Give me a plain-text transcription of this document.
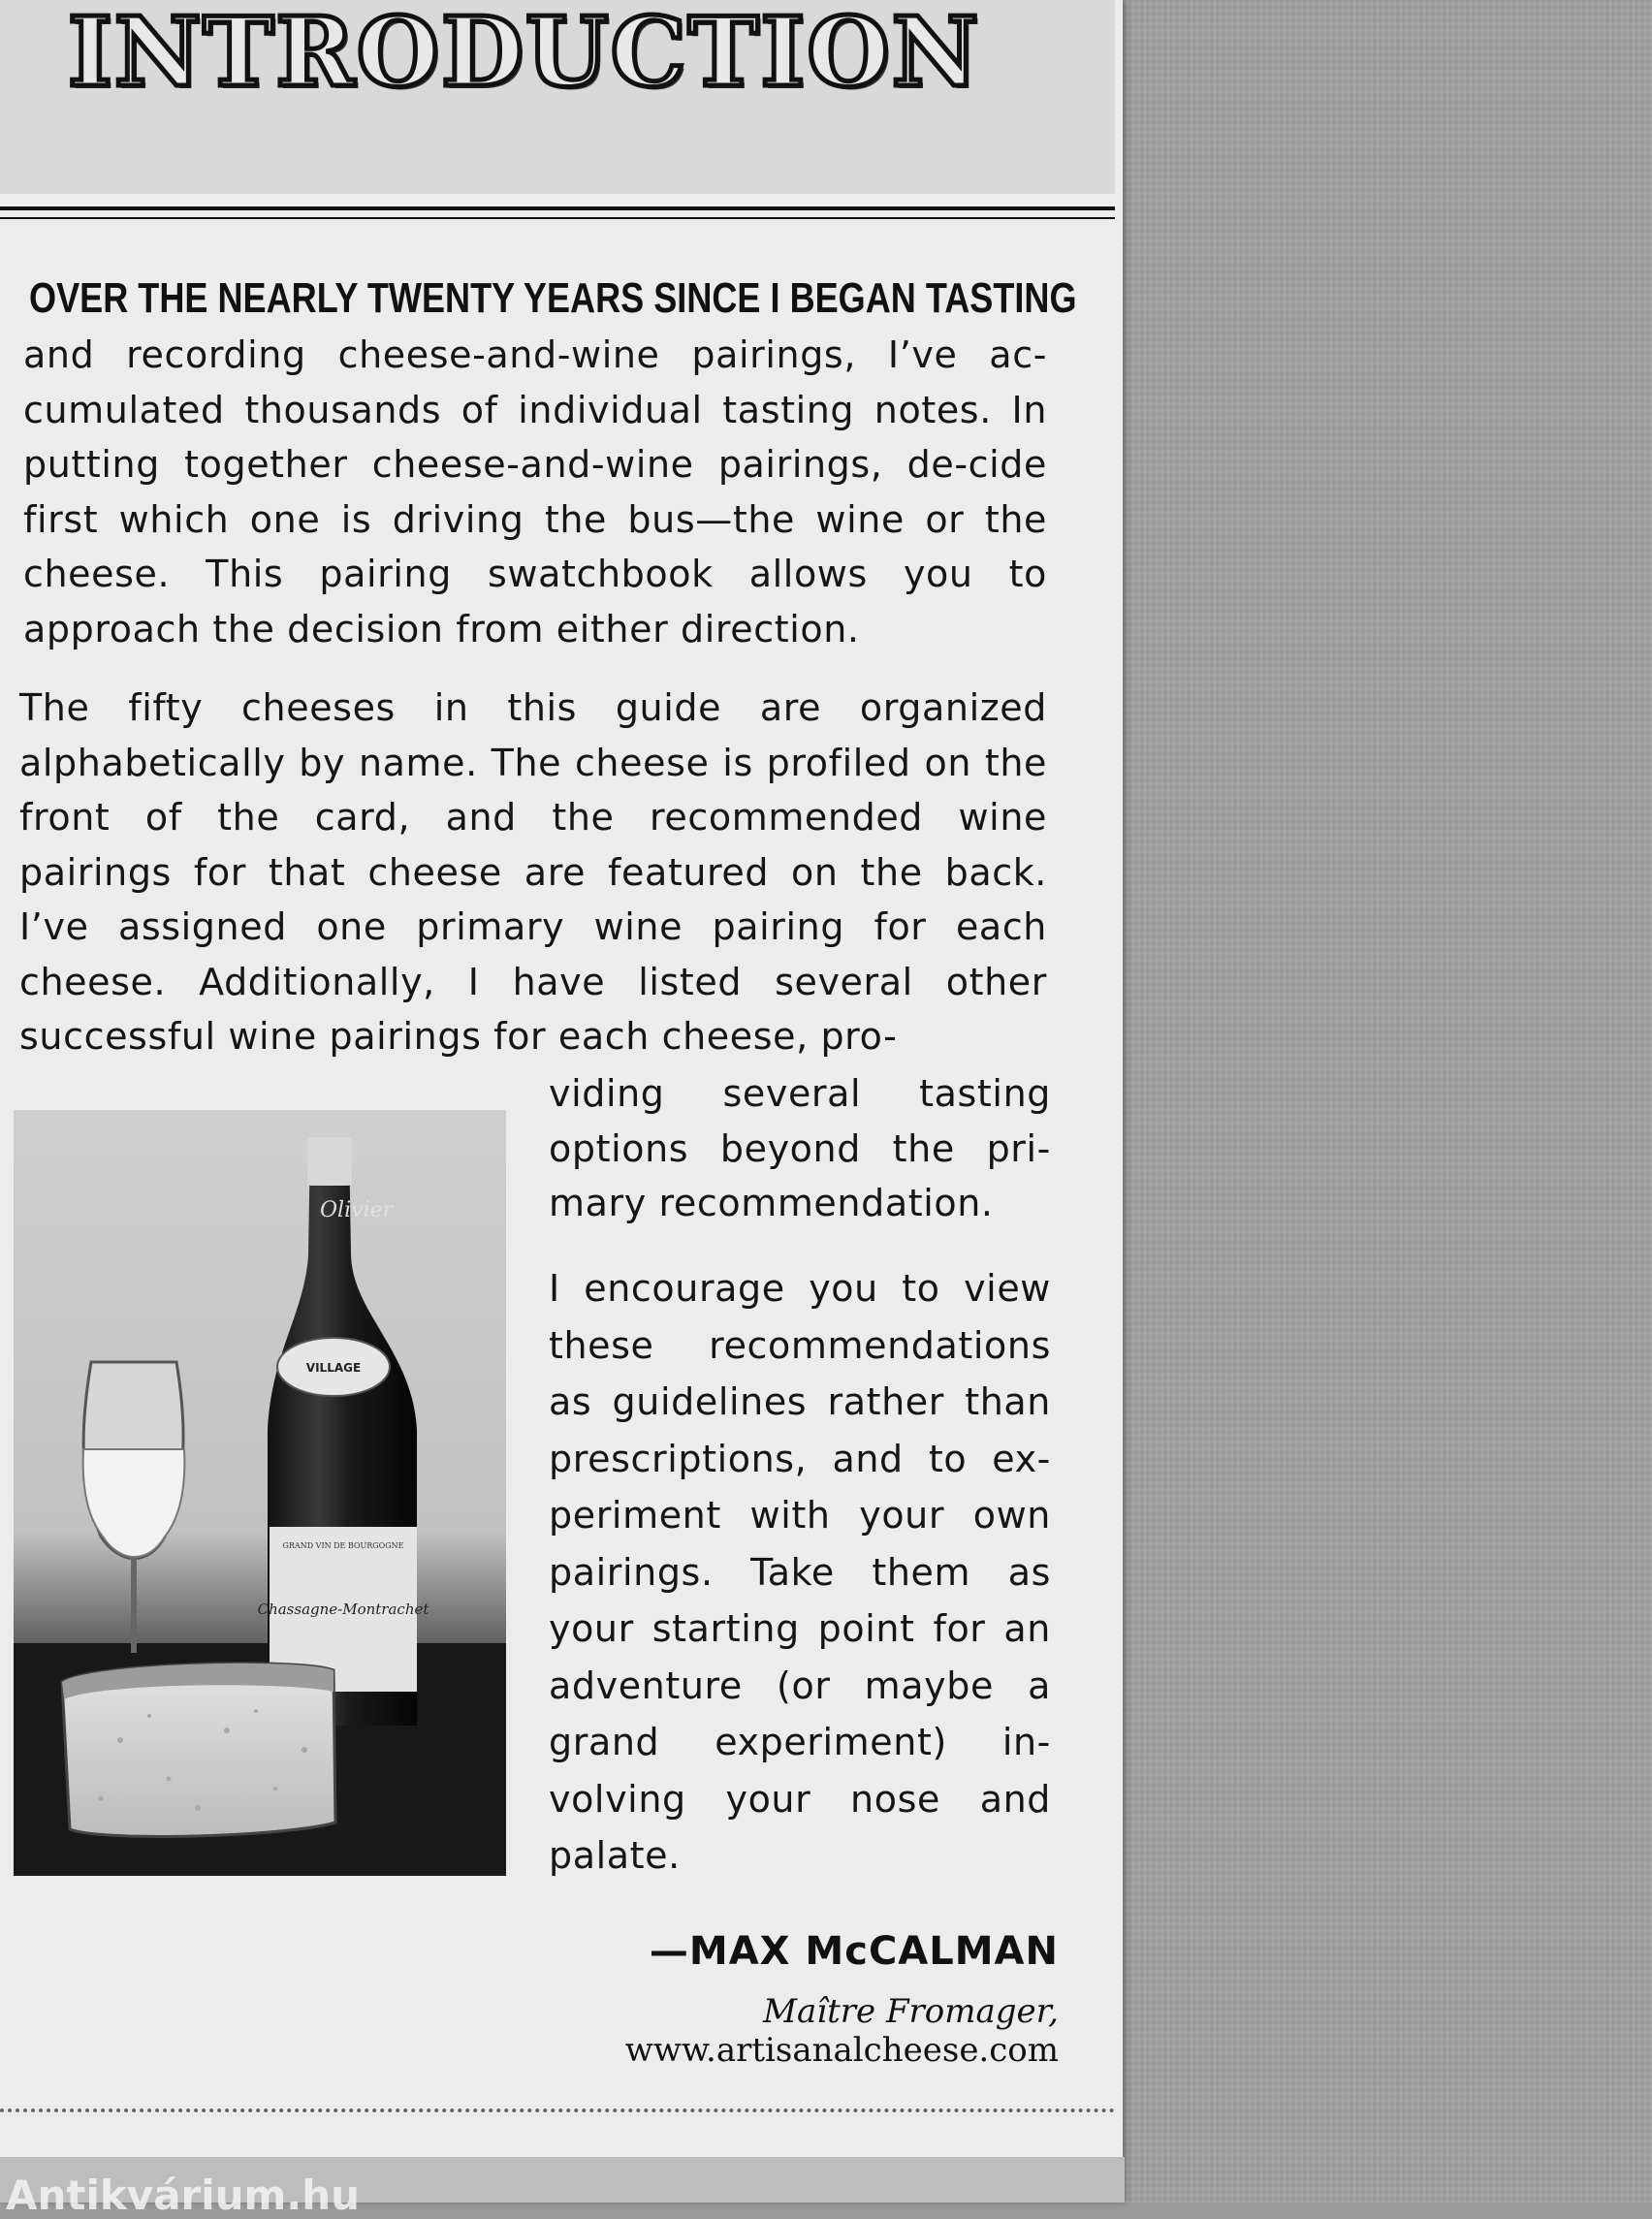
INTRODUCTION
OVER THE NEARLY TWENTY YEARS SINCE I BEGAN TASTING
and recording cheese-and-wine pairings, I’ve ac-cumulated thousands of individual tasting notes. In putting together cheese-and-wine pairings, de-cide first which one is driving the bus—the wine or the cheese. This pairing swatchbook allows you to approach the decision from either direction.
The fifty cheeses in this guide are organized alphabetically by name. The cheese is profiled on the front of the card, and the recommended wine pairings for that cheese are featured on the back. I’ve assigned one primary wine pairing for each cheese. Additionally, I have listed several other successful wine pairings for each cheese, pro-
viding several tasting options beyond the pri-mary recommendation.
I encourage you to view these recommendations as guidelines rather than prescriptions, and to ex-periment with your own pairings. Take them as your starting point for an adventure (or maybe a grand experiment) in-volving your nose and palate.
VILLAGE
GRAND VIN DE BOURGOGNE
Chassagne-Montrachet
Olivier
—MAX McCALMAN
Maître Fromager, www.artisanalcheese.com
Antikvárium.hu
